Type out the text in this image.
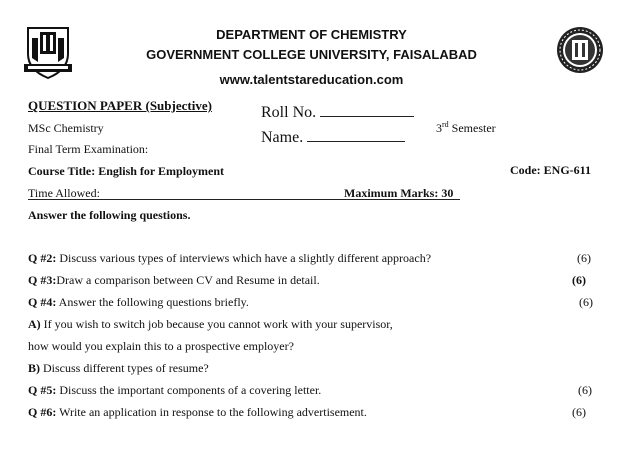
DEPARTMENT OF CHEMISTRY
GOVERNMENT COLLEGE UNIVERSITY, FAISALABAD
www.talentstareducation.com
QUESTION PAPER (Subjective)
MSc Chemistry
Final Term Examination:
Course Title: English for Employment
Time Allowed:	Maximum Marks: 30
Answer the following questions.
Roll No.
Name.
3rd Semester
Code: ENG-611
Q #2: Discuss various types of interviews which have a slightly different approach?	(6)
Q #3:Draw a comparison between CV and Resume in detail.	(6)
Q #4: Answer the following questions briefly.	(6)
A) If you wish to switch job because you cannot work with your supervisor,
how would you explain this to a prospective employer?
B) Discuss different types of resume?
Q #5: Discuss the important components of a covering letter.	(6)
Q #6: Write an application in response to the following advertisement.	(6)
